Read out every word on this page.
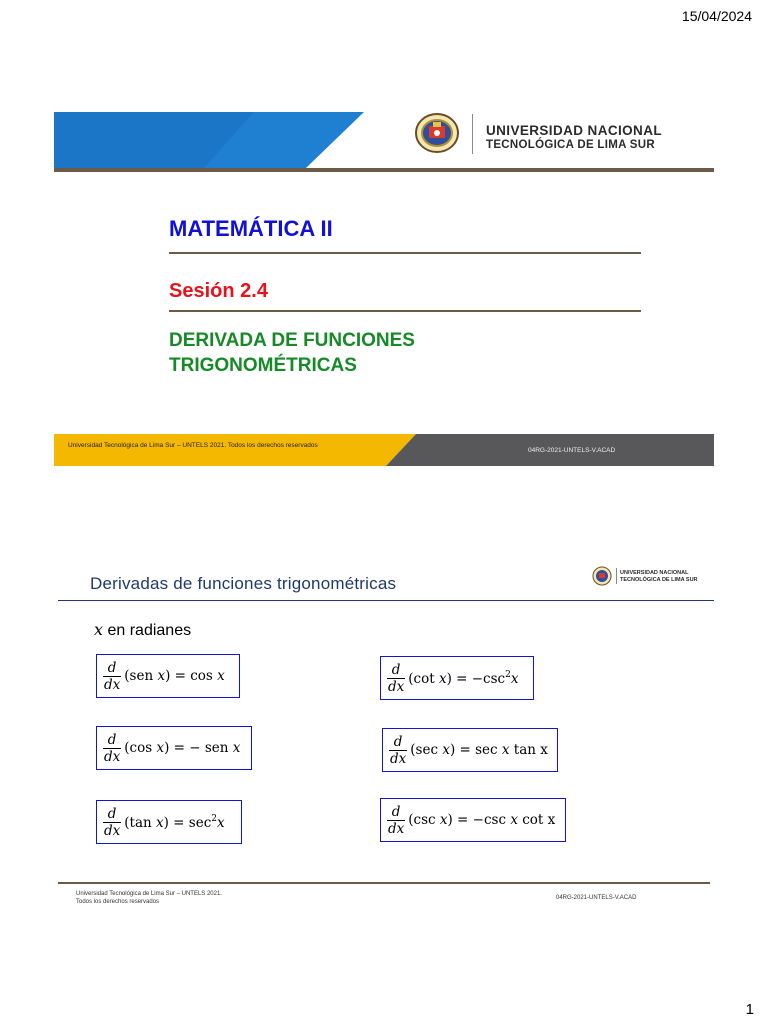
15/04/2024
UNIVERSIDAD NACIONAL
TECNOLÓGICA DE LIMA SUR
MATEMÁTICA II
Sesión 2.4
DERIVADA DE FUNCIONES
TRIGONOMÉTRICAS
Universidad Tecnológica de Lima Sur – UNTELS 2021. Todos los derechos reservados
04RG-2021-UNTELS-V.ACAD
Derivadas de funciones trigonométricas
UNIVERSIDAD NACIONAL
TECNOLÓGICA DE LIMA SUR
x en radianes
$\frac{d}{dx} (sen$ x) = cos x	$\frac{d}{dx} (\cot$ $x) = -\csc^2x$
$\frac{d}{dx} (\cos$ x) = − sen x	$\frac{d}{dx} (\sec$ x) = sec x tan x
$\frac{d}{dx} (\tan$ $x) = \sec^2x$	$\frac{d}{dx} (\csc$ x) = −csc x cot x
Universidad Tecnológica de Lima Sur – UNTELS 2021.
Todos los derechos reservados
04RG-2021-UNTELS-V.ACAD
1
